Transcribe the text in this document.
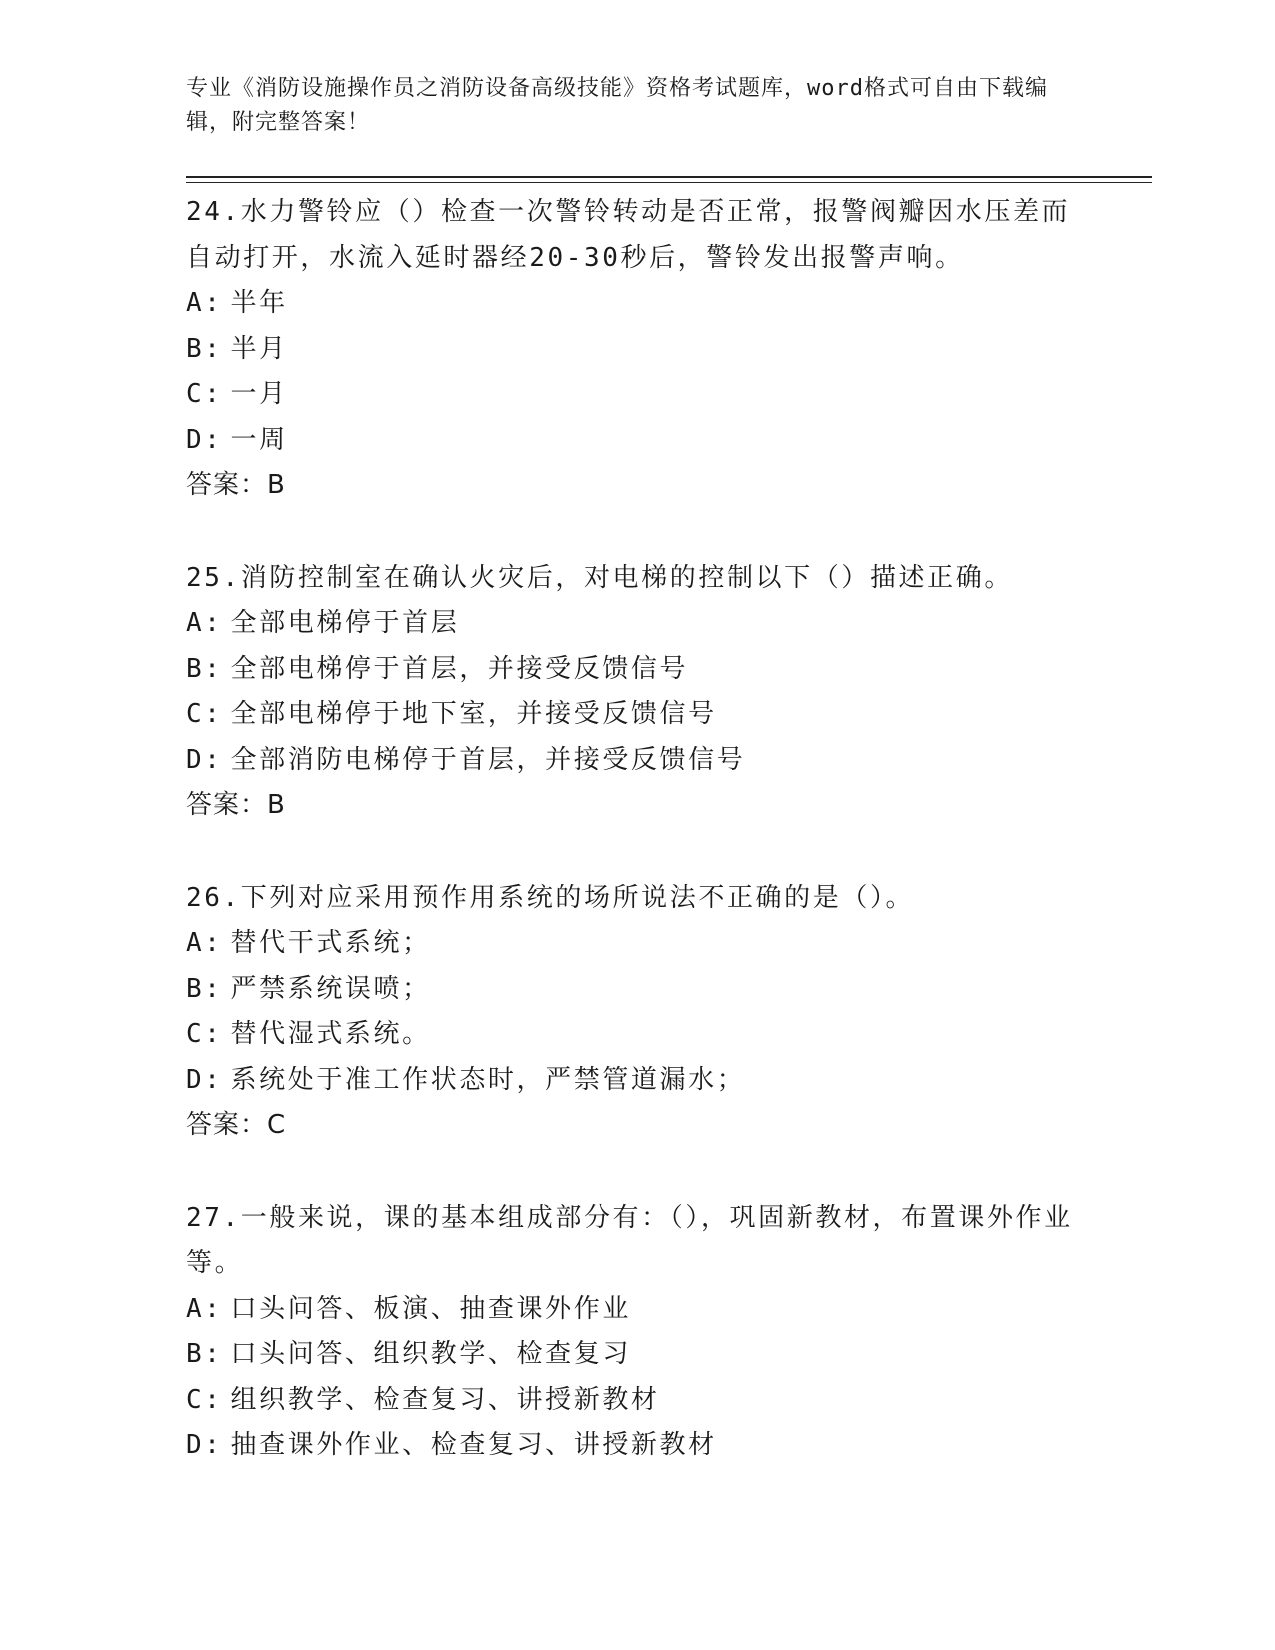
专业《消防设施操作员之消防设备高级技能》资格考试题库，word格式可自由下载编辑，附完整答案！
24.水力警铃应（）检查一次警铃转动是否正常，报警阀瓣因水压差而自动打开，水流入延时器经20-30秒后，警铃发出报警声响。
A: 半年
B: 半月
C: 一月
D: 一周
答案：B
25.消防控制室在确认火灾后，对电梯的控制以下（）描述正确。
A: 全部电梯停于首层
B: 全部电梯停于首层，并接受反馈信号
C: 全部电梯停于地下室，并接受反馈信号
D: 全部消防电梯停于首层，并接受反馈信号
答案：B
26.下列对应采用预作用系统的场所说法不正确的是（）。
A: 替代干式系统；
B: 严禁系统误喷；
C: 替代湿式系统。
D: 系统处于准工作状态时，严禁管道漏水；
答案：C
27.一般来说，课的基本组成部分有：（），巩固新教材，布置课外作业等。
A: 口头问答、板演、抽查课外作业
B: 口头问答、组织教学、检查复习
C: 组织教学、检查复习、讲授新教材
D: 抽查课外作业、检查复习、讲授新教材
